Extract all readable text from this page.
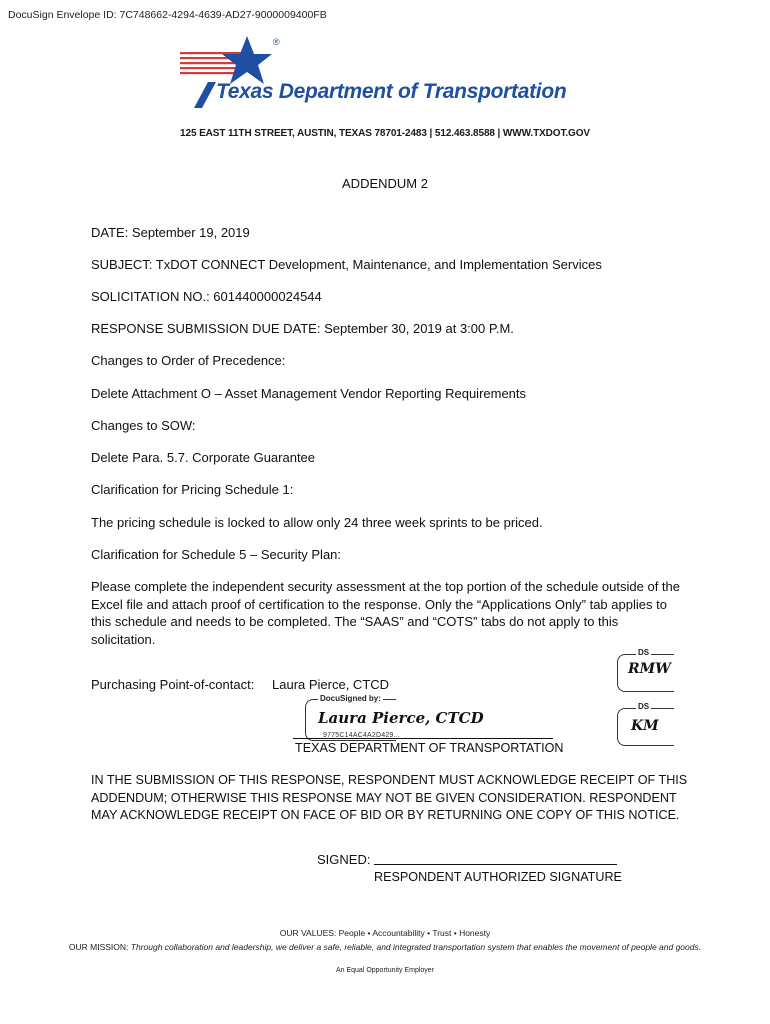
DocuSign Envelope ID: 7C748662-4294-4639-AD27-9000009400FB
®
Texas Department of Transportation
125 EAST 11TH STREET, AUSTIN, TEXAS 78701-2483 | 512.463.8588 | WWW.TXDOT.GOV
ADDENDUM 2
DATE: September 19, 2019
SUBJECT: TxDOT CONNECT Development, Maintenance, and Implementation Services
SOLICITATION NO.: 601440000024544
RESPONSE SUBMISSION DUE DATE: September 30, 2019 at 3:00 P.M.
Changes to Order of Precedence:
Delete Attachment O – Asset Management Vendor Reporting Requirements
Changes to SOW:
Delete Para. 5.7. Corporate Guarantee
Clarification for Pricing Schedule 1:
The pricing schedule is locked to allow only 24 three week sprints to be priced.
Clarification for Schedule 5 – Security Plan:
Please complete the independent security assessment at the top portion of the schedule outside of the Excel file and attach proof of certification to the response. Only the “Applications Only” tab applies to this schedule and needs to be completed. The “SAAS” and “COTS” tabs do not apply to this solicitation.
DS
RMW
DS
KM
Purchasing Point-of-contact: Laura Pierce, CTCD
DocuSigned by:
Laura Pierce, CTCD
9775C14AC4A2D429...
TEXAS DEPARTMENT OF TRANSPORTATION
IN THE SUBMISSION OF THIS RESPONSE, RESPONDENT MUST ACKNOWLEDGE RECEIPT OF THIS ADDENDUM; OTHERWISE THIS RESPONSE MAY NOT BE GIVEN CONSIDERATION. RESPONDENT MAY ACKNOWLEDGE RECEIPT ON FACE OF BID OR BY RETURNING ONE COPY OF THIS NOTICE.
SIGNED:
RESPONDENT AUTHORIZED SIGNATURE
OUR VALUES: People • Accountability • Trust • Honesty
OUR MISSION: Through collaboration and leadership, we deliver a safe, reliable, and integrated transportation system that enables the movement of people and goods.
An Equal Opportunity Employer
